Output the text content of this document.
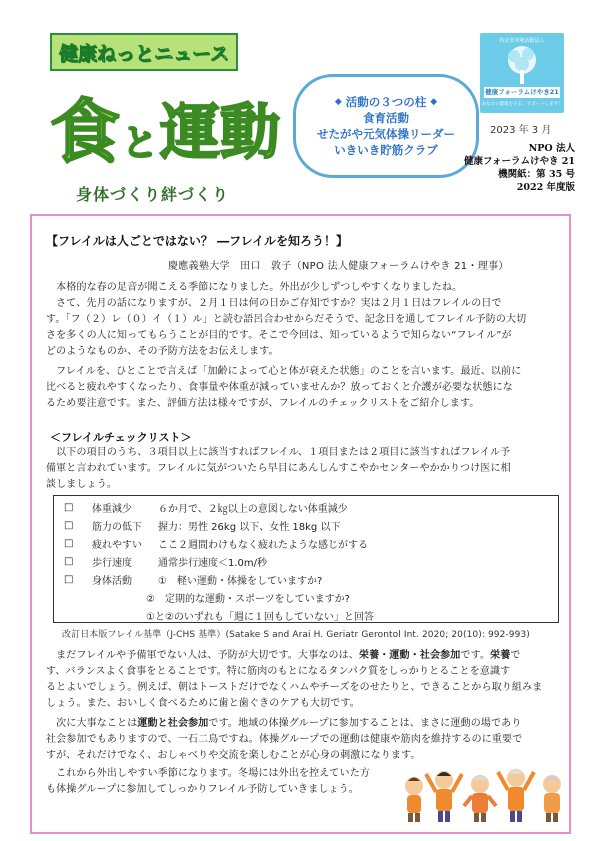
健康ねっとニュース
食 と 運動
身体づくり絆づくり
◆ 活動の３つの柱 ◆
食育活動
せたがや元気体操リーダー
いきいき貯筋クラブ
特定非営利活動法人
健康フォーラムけやき21
あなたの健康を守る、サポートします！
2023 年 3 月
NPO 法人
健康フォーラムけやき 21
機関紙：第 35 号
2022 年度版
【フレイルは人ごとではない？ ―フレイルを知ろう！】
慶應義塾大学　田口　敦子（NPO 法人健康フォーラムけやき 21・理事）
　本格的な春の足音が聞こえる季節になりました。外出が少しずつしやすくなりましたね。
　さて、先月の話になりますが、２月１日は何の日かご存知ですか？実は２月１日はフレイルの日で
す。「フ（２）レ（０）イ（１）ル」と読む語呂合わせからだそうで、記念日を通してフレイル予防の大切
さを多くの人に知ってもらうことが目的です。そこで今回は、知っているようで知らない“フレイル”が
どのようなものか、その予防方法をお伝えします。
　フレイルを、ひとことで言えば「加齢によって心と体が衰えた状態」のことを言います。最近、以前に
比べると疲れやすくなったり、食事量や体重が減っていませんか？放っておくと介護が必要な状態にな
るため要注意です。また、評価方法は様々ですが、フレイルのチェックリストをご紹介します。
＜フレイルチェックリスト＞
　以下の項目のうち、３項目以上に該当すればフレイル、１項目または２項目に該当すればフレイル予
備軍と言われています。フレイルに気がついたら早目にあんしんすこやかセンターやかかりつけ医に相
談しましょう。
□	体重減少	６か月で、２㎏以上の意図しない体重減少
□	筋力の低下	握力：男性 26kg 以下、女性 18kg 以下
□	疲れやすい	ここ２週間わけもなく疲れたような感じがする
□	歩行速度	通常歩行速度＜1.0m/秒
□	身体活動	①　軽い運動・体操をしていますか?
②　定期的な運動・スポーツをしていますか?
①と②のいずれも「週に１回もしていない」と回答
改訂日本版フレイル基準（J-CHS 基準）(Satake S and Arai H. Geriatr Gerontol Int. 2020; 20(10): 992-993)
　まだフレイルや予備軍でない人は、予防が大切です。大事なのは、栄養・運動・社会参加です。栄養で
す、バランスよく食事をとることです。特に筋肉のもとになるタンパク質をしっかりとることを意識す
るとよいでしょう。例えば、朝はトーストだけでなくハムやチーズをのせたりと、できることから取り組みま
しょう。また、おいしく食べるために歯と歯ぐきのケアも大切です。
　次に大事なことは運動と社会参加です。地域の体操グループに参加することは、まさに運動の場であり
社会参加でもありますので、一石二鳥ですね。体操グループでの運動は健康や筋肉を維持するのに重要で
すが、それだけでなく、おしゃべりや交流を楽しむことが心身の刺激になります。
　これから外出しやすい季節になります。冬場には外出を控えていた方
も体操グループに参加してしっかりフレイル予防していきましょう。
